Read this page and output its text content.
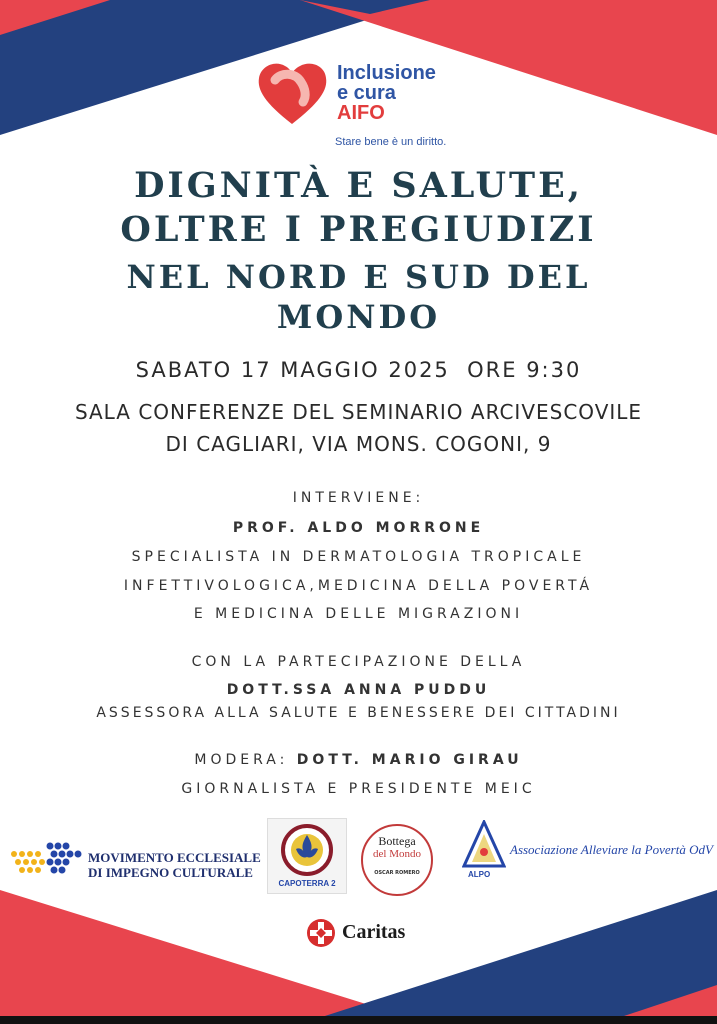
Inclusione
e cura
AIFO
Stare bene è un diritto.
DIGNITÀ E SALUTE,
OLTRE I PREGIUDIZI
NEL NORD E SUD DEL
MONDO
SABATO 17 MAGGIO 2025  ORE 9:30
SALA CONFERENZE DEL SEMINARIO ARCIVESCOVILE
DI CAGLIARI, VIA MONS. COGONI, 9
INTERVIENE:
PROF. ALDO MORRONE
SPECIALISTA IN DERMATOLOGIA TROPICALE
INFETTIVOLOGICA,MEDICINA DELLA POVERTÁ
E MEDICINA DELLE MIGRAZIONI
CON LA PARTECIPAZIONE DELLA
DOTT.SSA ANNA PUDDU
ASSESSORA ALLA SALUTE E BENESSERE DEI CITTADINI
MODERA: DOTT. MARIO GIRAU
GIORNALISTA E PRESIDENTE MEIC
MOVIMENTO ECCLESIALE
DI IMPEGNO CULTURALE
CAPOTERRA 2
Bottega
del Mondo
OSCAR ROMERO	ALPO
Associazione Alleviare la Povertà OdV
Caritas
